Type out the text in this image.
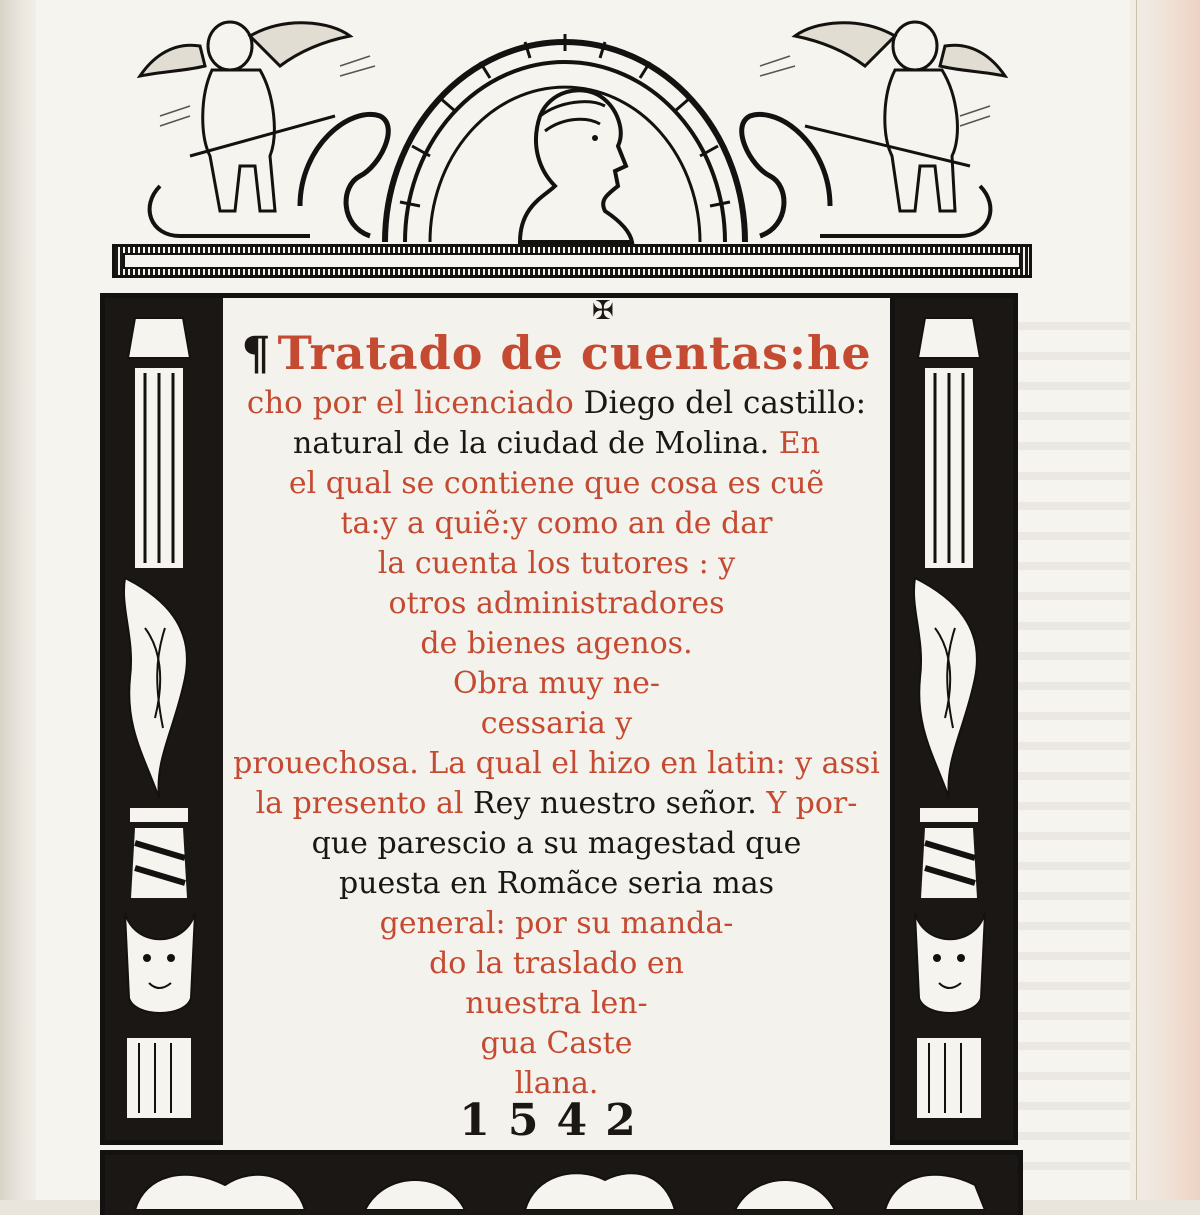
✠
¶ Tratado de cuentas:he
cho por el licenciado Diego del castillo:
natural de la ciudad de Molina. En
el qual se contiene que cosa es cuẽ
ta:y a quiẽ:y como an de dar
la cuenta los tutores : y
otros administradores
de bienes agenos.
Obra muy ne-
cessaria y
prouechosa. La qual el hizo en latin: y assi
la presento al Rey nuestro señor. Y por-
que parescio a su magestad que
puesta en Romãce seria mas
general: por su manda-
do la traslado en
nuestra len-
gua Caste
llana.
1542
